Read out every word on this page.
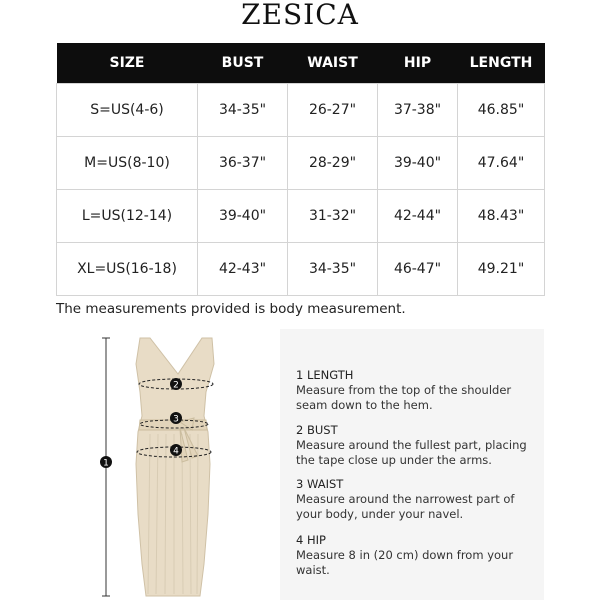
ZESICA
SIZE	BUST	WAIST	HIP	LENGTH
S=US(4-6)	34-35"	26-27"	37-38"	46.85"
M=US(8-10)	36-37"	28-29"	39-40"	47.64"
L=US(12-14)	39-40"	31-32"	42-44"	48.43"
XL=US(16-18)	42-43"	34-35"	46-47"	49.21"
The measurements provided is body measurement.
1
2
3
4
1 LENGTH
Measure from the top of the shoulder seam down to the hem.
2 BUST
Measure around the fullest part, placing the tape close up under the arms.
3 WAIST
Measure around the narrowest part of your body, under your navel.
4 HIP
Measure 8 in (20 cm) down from your waist.
